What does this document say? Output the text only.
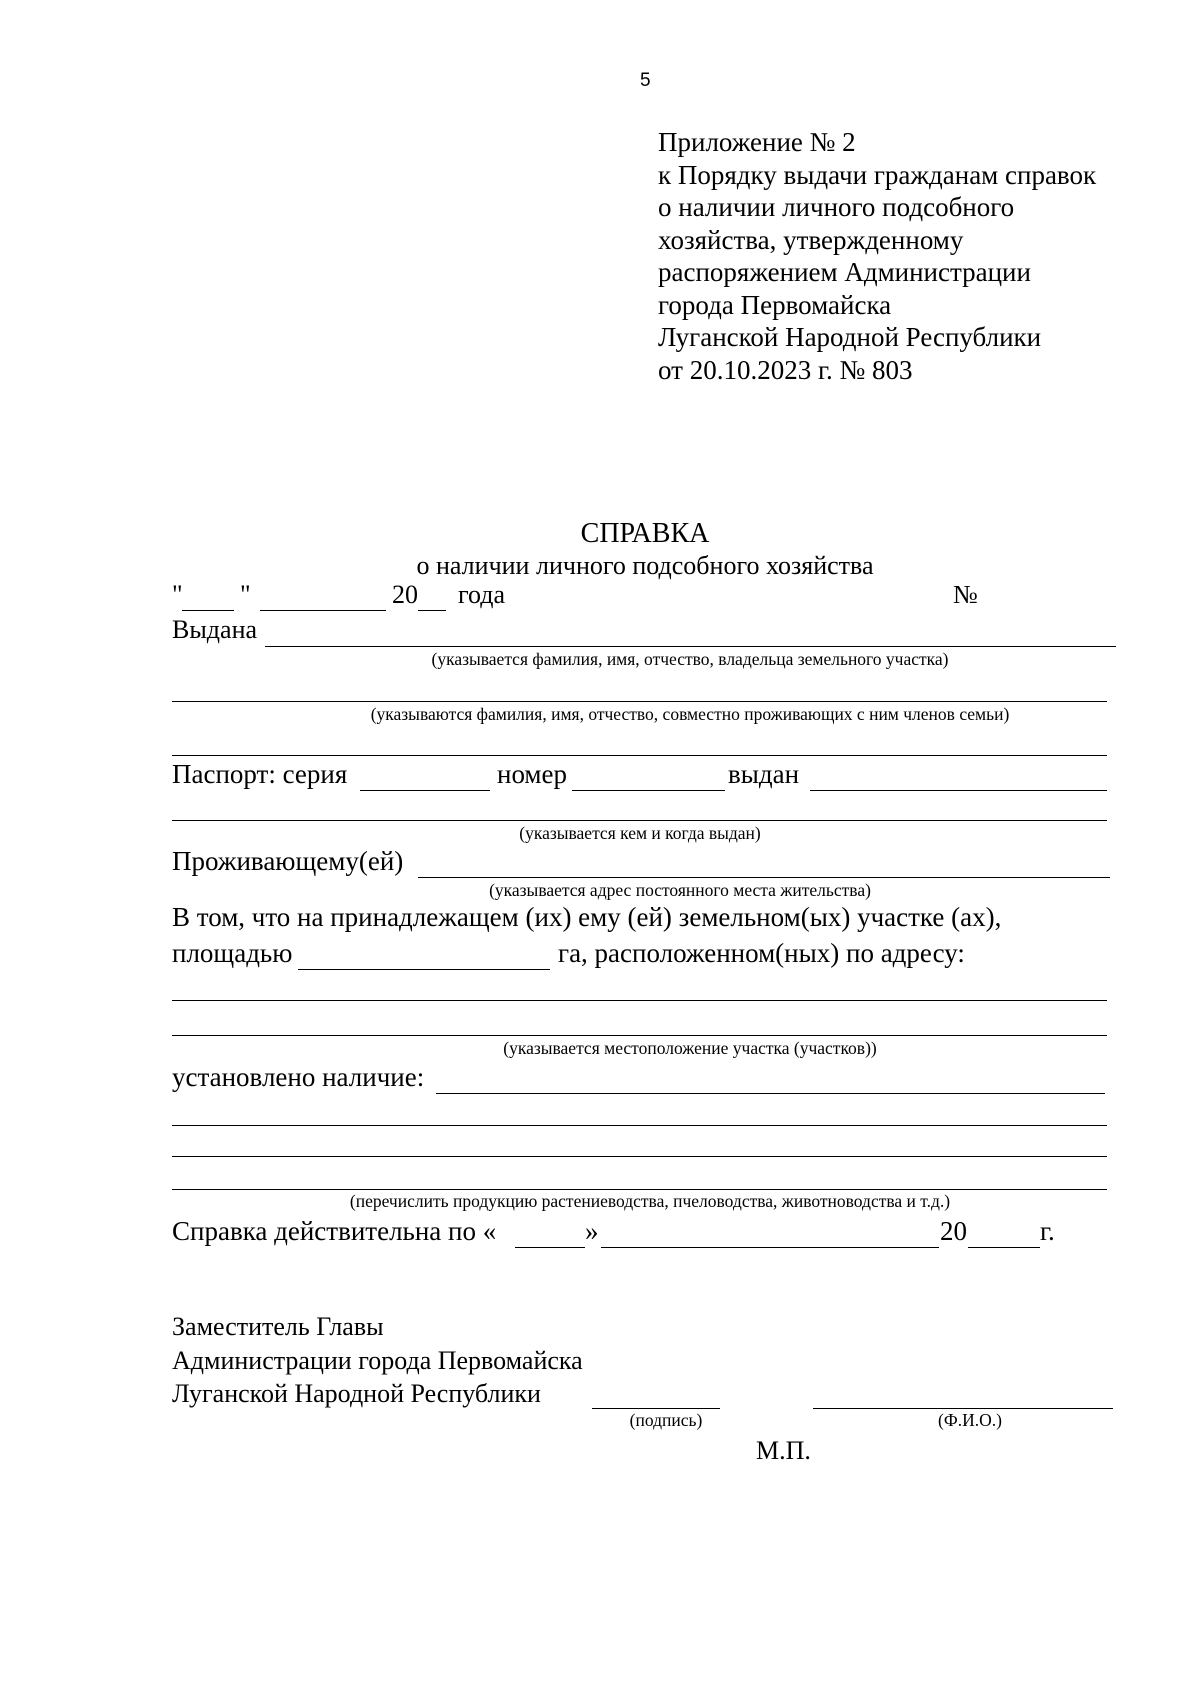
5
Приложение № 2
к Порядку выдачи гражданам справок
о наличии личного подсобного
хозяйства, утвержденному
распоряжением Администрации
города Первомайска
Луганской Народной Республики
от 20.10.2023 г. № 803
СПРАВКА
о наличии личного подсобного хозяйства
" "	20 года	№
Выдана
(указывается фамилия, имя, отчество, владельца земельного участка)
(указываются фамилия, имя, отчество, совместно проживающих с ним членов семьи)
Паспорт: серия	номер	выдан
(указывается кем и когда выдан)
Проживающему(ей)
(указывается адрес постоянного места жительства)
В том, что на принадлежащем (их) ему (ей) земельном(ых) участке (ах),
площадью	га, расположенном(ных) по адресу:
(указывается местоположение участка (участков))
установлено наличие:
(перечислить продукцию растениеводства, пчеловодства, животноводства и т.д.)
Справка действительна по «	»	20	г.
Заместитель Главы
Администрации города Первомайска
Луганской Народной Республики
(подпись)	(Ф.И.О.)
М.П.
